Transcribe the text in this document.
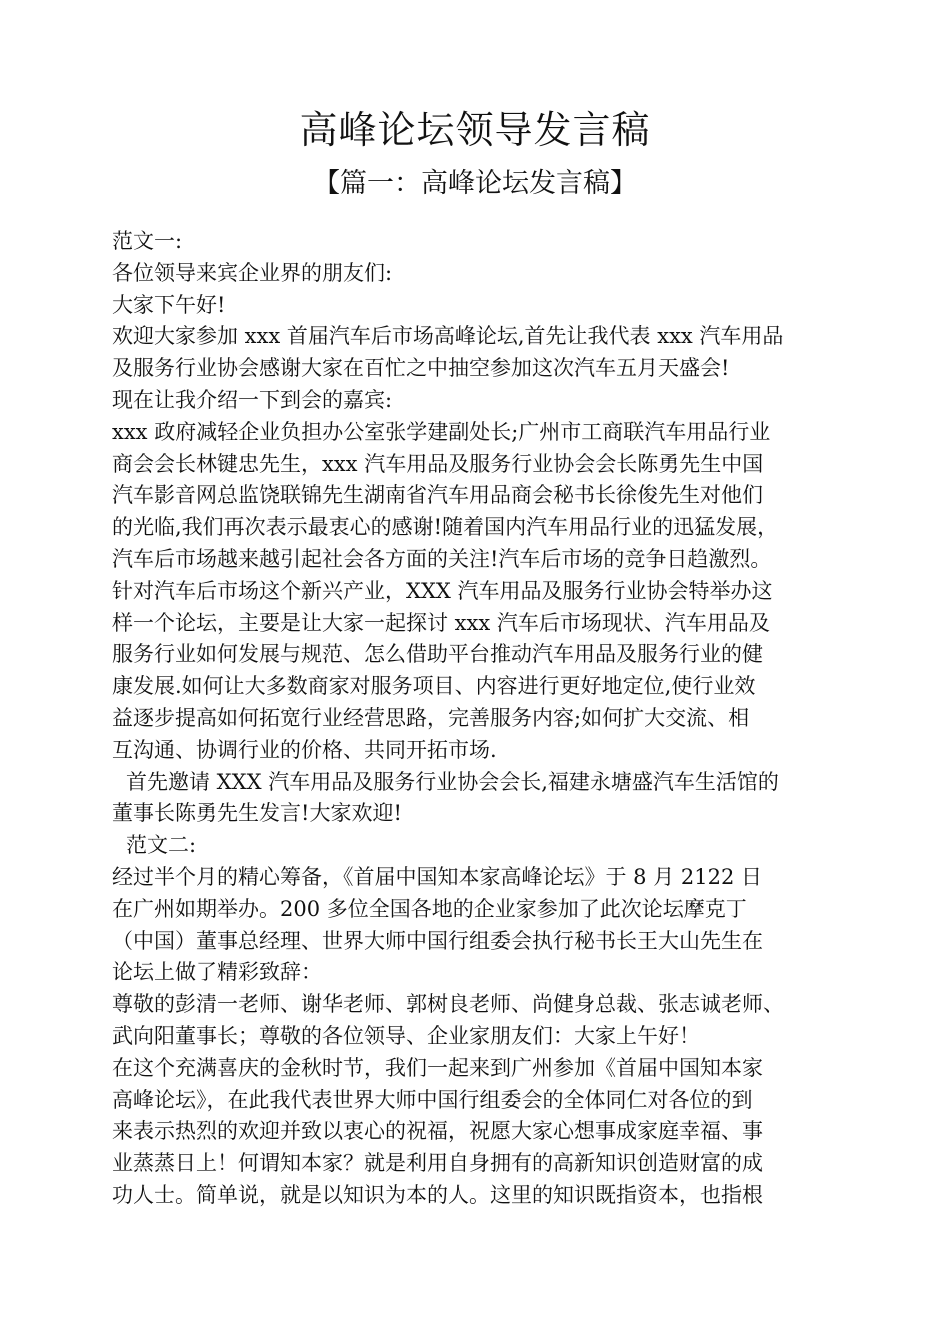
高峰论坛领导发言稿
【篇一：高峰论坛发言稿】
范文一:
各位领导来宾企业界的朋友们:
大家下午好!
欢迎大家参加 xxx 首届汽车后市场高峰论坛,首先让我代表 xxx 汽车用品
及服务行业协会感谢大家在百忙之中抽空参加这次汽车五月天盛会!
现在让我介绍一下到会的嘉宾:
xxx 政府减轻企业负担办公室张学建副处长;广州市工商联汽车用品行业
商会会长林键忠先生，xxx 汽车用品及服务行业协会会长陈勇先生中国
汽车影音网总监饶联锦先生湖南省汽车用品商会秘书长徐俊先生对他们
的光临,我们再次表示最衷心的感谢!随着国内汽车用品行业的迅猛发展，
汽车后市场越来越引起社会各方面的关注!汽车后市场的竞争日趋激烈。
针对汽车后市场这个新兴产业，XXX 汽车用品及服务行业协会特举办这
样一个论坛，主要是让大家一起探讨 xxx 汽车后市场现状、汽车用品及
服务行业如何发展与规范、怎么借助平台推动汽车用品及服务行业的健
康发展.如何让大多数商家对服务项目、内容进行更好地定位,使行业效
益逐步提高如何拓宽行业经营思路，完善服务内容;如何扩大交流、相
互沟通、协调行业的价格、共同开拓市场.
首先邀请 XXX 汽车用品及服务行业协会会长,福建永塘盛汽车生活馆的
董事长陈勇先生发言!大家欢迎!
范文二:
经过半个月的精心筹备，《首届中国知本家高峰论坛》于 8 月 2122 日
在广州如期举办。200 多位全国各地的企业家参加了此次论坛摩克丁
（中国）董事总经理、世界大师中国行组委会执行秘书长王大山先生在
论坛上做了精彩致辞：
尊敬的彭清一老师、谢华老师、郭树良老师、尚健身总裁、张志诚老师、
武向阳董事长；尊敬的各位领导、企业家朋友们：大家上午好！
在这个充满喜庆的金秋时节，我们一起来到广州参加《首届中国知本家
高峰论坛》，在此我代表世界大师中国行组委会的全体同仁对各位的到
来表示热烈的欢迎并致以衷心的祝福，祝愿大家心想事成家庭幸福、事
业蒸蒸日上！何谓知本家？就是利用自身拥有的高新知识创造财富的成
功人士。简单说，就是以知识为本的人。这里的知识既指资本，也指根
